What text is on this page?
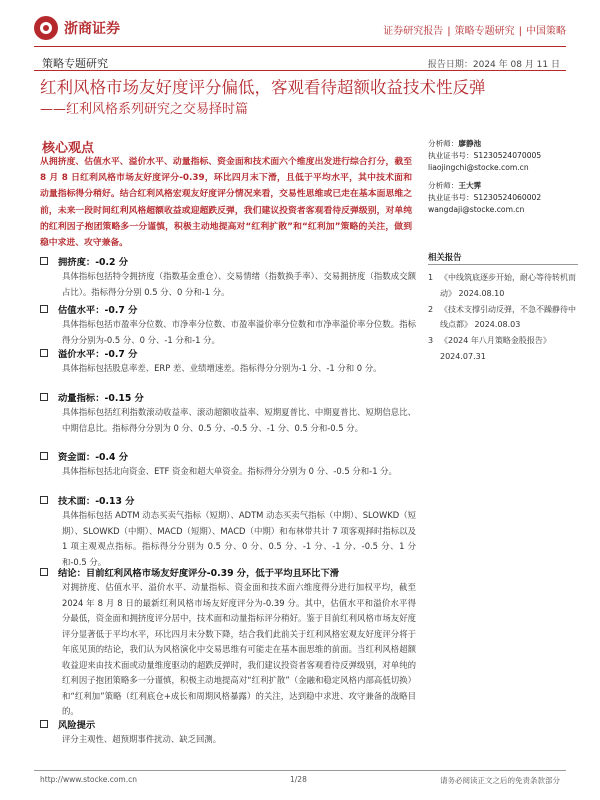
浙商证券	证券研究报告 | 策略专题研究 | 中国策略
策略专题研究	报告日期：2024 年 08 月 11 日
红利风格市场友好度评分偏低，客观看待超额收益技术性反弹
——红利风格系列研究之交易择时篇
核心观点
从拥挤度、估值水平、溢价水平、动量指标、资金面和技术面六个维度出发进行综合打分，截至 8 月 8 日红利风格市场友好度评分-0.39，环比四月末下滑，且低于平均水平，其中技术面和动量指标得分稍好。结合红利风格宏观友好度评分情况来看，交易性思维或已走在基本面思维之前，未来一段时间红利风格超额收益或迎超跌反弹，我们建议投资者客观看待反弹级别，对单纯的红利因子抱团策略多一分谨慎，积极主动地提高对“红利扩散”和“红利加”策略的关注，做到稳中求进、攻守兼备。
拥挤度： -0.2 分
具体指标包括特令拥挤度（指数基金重仓）、交易情绪（指数换手率）、交易拥挤度（指数成交额占比）。指标得分分别 0.5 分、0 分和-1 分。
估值水平： -0.7 分
具体指标包括市盈率分位数、市净率分位数、市盈率溢价率分位数和市净率溢价率分位数。指标得分分别为-0.5 分、0 分、-1 分和-1 分。
溢价水平： -0.7 分
具体指标包括股息率差、ERP 差、业绩增速差。指标得分分别为-1 分、-1 分和 0 分。
动量指标： -0.15 分
具体指标包括红利指数滚动收益率、滚动超额收益率、短期夏普比、中期夏普比、短期信息比、中期信息比。指标得分分别为 0 分、0.5 分、-0.5 分、-1 分、0.5 分和-0.5 分。
资金面： -0.4 分
具体指标包括北向资金、ETF 资金和超大单资金。指标得分分别为 0 分、-0.5 分和-1 分。
技术面： -0.13 分
具体指标包括 ADTM 动态买卖气指标（短期）、ADTM 动态买卖气指标（中期）、SLOWKD（短期）、SLOWKD（中期）、MACD（短期）、MACD（中期）和布林带共计 7 项客观择时指标以及 1 项主观观点指标。指标得分分别为 0.5 分、0 分、0.5 分、-1 分、-1 分、-0.5 分、1 分和-0.5 分。
结论： 目前红利风格市场友好度评分-0.39 分，低于平均且环比下滑
对拥挤度、估值水平、溢价水平、动量指标、资金面和技术面六维度得分进行加权平均，截至 2024 年 8 月 8 日的最新红利风格市场友好度评分为-0.39 分。其中，估值水平和溢价水平得分最低，资金面和拥挤度评分居中，技术面和动量指标评分稍好。鉴于目前红利风格市场友好度评分显著低于平均水平，环比四月末分数下降，结合我们此前关于红利风格宏观友好度评分将于年底见顶的结论，我们认为风格演化中交易思维有可能走在基本面思维的前面。当红利风格超额收益迎来由技术面或动量维度驱动的超跌反弹时，我们建议投资者客观看待反弹级别，对单纯的红利因子抱团策略多一分谨慎，积极主动地提高对“红利扩散”（金融和稳定风格内部高低切换）和“红利加”策略（红利底仓+成长和周期风格暴露）的关注，达到稳中求进、攻守兼备的战略目的。
风险提示
评分主观性、超预期事件扰动、缺乏回测。
分析师：廖静池
执业证书号：S1230524070005
liaojingchi@stocke.com.cn
分析师：王大霁
执业证书号：S1230524060002
wangdaji@stocke.com.cn
相关报告
1 《中线筑底逐步开始，耐心等待转机而动》 2024.08.10
2 《技术支撑引动反弹，不急不躁静待中线点都》 2024.08.03
3 《2024 年八月策略金股报告》 2024.07.31
http://www.stocke.com.cn	1/28	请务必阅读正文之后的免责条款部分
